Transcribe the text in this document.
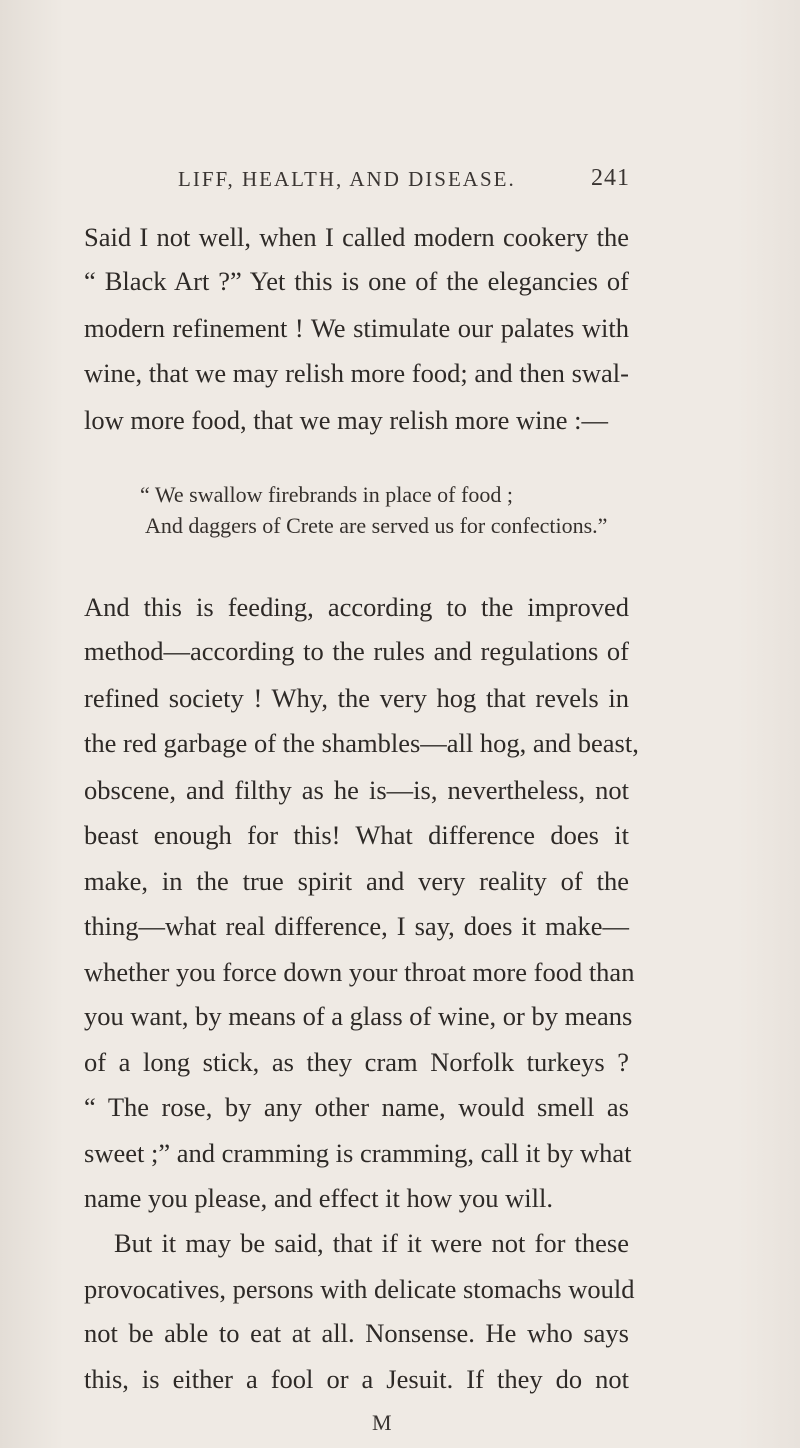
LIFF, HEALTH, AND DISEASE.	241
Said I not well, when I called modern cookery the
“ Black Art ?” Yet this is one of the elegancies of
modern refinement ! We stimulate our palates with
wine, that we may relish more food; and then swal-
low more food, that we may relish more wine :—
“ We swallow firebrands in place of food ;
And daggers of Crete are served us for confections.”
And this is feeding, according to the improved
method—according to the rules and regulations of
refined society ! Why, the very hog that revels in
the red garbage of the shambles—all hog, and beast,
obscene, and filthy as he is—is, nevertheless, not
beast enough for this! What difference does it
make, in the true spirit and very reality of the
thing—what real difference, I say, does it make—
whether you force down your throat more food than
you want, by means of a glass of wine, or by means
of a long stick, as they cram Norfolk turkeys ?
“ The rose, by any other name, would smell as
sweet ;” and cramming is cramming, call it by what
name you please, and effect it how you will.
But it may be said, that if it were not for these
provocatives, persons with delicate stomachs would
not be able to eat at all. Nonsense. He who says
this, is either a fool or a Jesuit. If they do not
M
